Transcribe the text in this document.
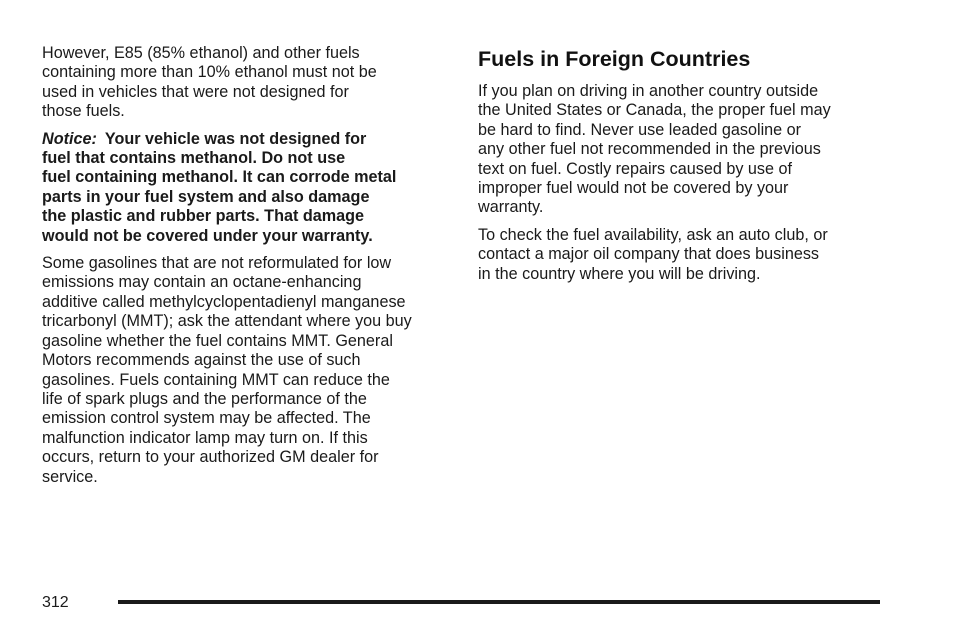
However, E85 (85% ethanol) and other fuels
containing more than 10% ethanol must not be
used in vehicles that were not designed for
those fuels.

Notice: Your vehicle was not designed for
fuel that contains methanol. Do not use
fuel containing methanol. It can corrode metal
parts in your fuel system and also damage
the plastic and rubber parts. That damage
would not be covered under your warranty.

Some gasolines that are not reformulated for low
emissions may contain an octane-enhancing
additive called methylcyclopentadienyl manganese
tricarbonyl (MMT); ask the attendant where you buy
gasoline whether the fuel contains MMT. General
Motors recommends against the use of such
gasolines. Fuels containing MMT can reduce the
life of spark plugs and the performance of the
emission control system may be affected. The
malfunction indicator lamp may turn on. If this
occurs, return to your authorized GM dealer for
service.

Fuels in Foreign Countries

If you plan on driving in another country outside
the United States or Canada, the proper fuel may
be hard to find. Never use leaded gasoline or
any other fuel not recommended in the previous
text on fuel. Costly repairs caused by use of
improper fuel would not be covered by your
warranty.

To check the fuel availability, ask an auto club, or
contact a major oil company that does business
in the country where you will be driving.

312
